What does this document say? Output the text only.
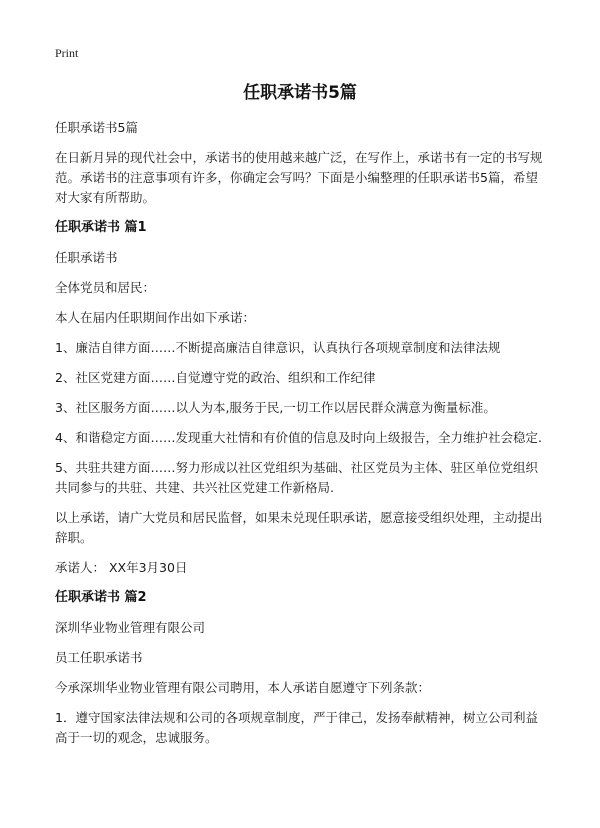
Print
任职承诺书5篇

任职承诺书5篇

在日新月异的现代社会中，承诺书的使用越来越广泛，在写作上，承诺书有一定的书写规范。承诺书的注意事项有许多，你确定会写吗？下面是小编整理的任职承诺书5篇，希望对大家有所帮助。

任职承诺书 篇1

任职承诺书

全体党员和居民：

本人在届内任职期间作出如下承诺：

1、廉洁自律方面……不断提高廉洁自律意识，认真执行各项规章制度和法律法规

2、社区党建方面……自觉遵守党的政治、组织和工作纪律

3、社区服务方面……以人为本,服务于民,一切工作以居民群众满意为衡量标准。

4、和谐稳定方面……发现重大社情和有价值的信息及时向上级报告，全力维护社会稳定.

5、共驻共建方面……努力形成以社区党组织为基础、社区党员为主体、驻区单位党组织共同参与的共驻、共建、共兴社区党建工作新格局.

以上承诺，请广大党员和居民监督，如果未兑现任职承诺，愿意接受组织处理，主动提出辞职。

承诺人： XX年3月30日

任职承诺书 篇2

深圳华业物业管理有限公司

员工任职承诺书

今承深圳华业物业管理有限公司聘用，本人承诺自愿遵守下列条款：

1．遵守国家法律法规和公司的各项规章制度，严于律己，发扬奉献精神，树立公司利益高于一切的观念，忠诚服务。
